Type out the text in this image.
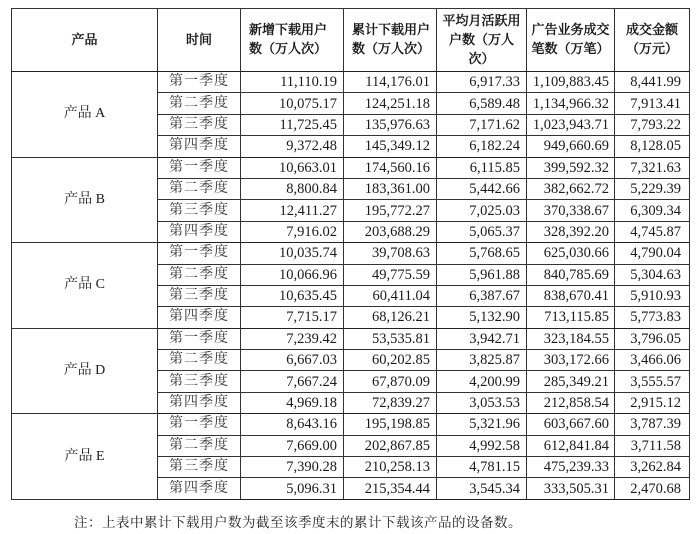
产品	时间	新增下载用户数（万人次）	累计下载用户数（万人次）	平均月活跃用户数（万人次）	广告业务成交笔数（万笔）	成交金额（万元）
产品 A	第一季度	11,110.19	114,176.01	6,917.33	1,109,883.45	8,441.99
	第二季度	10,075.17	124,251.18	6,589.48	1,134,966.32	7,913.41
	第三季度	11,725.45	135,976.63	7,171.62	1,023,943.71	7,793.22
	第四季度	9,372.48	145,349.12	6,182.24	949,660.69	8,128.05
产品 B	第一季度	10,663.01	174,560.16	6,115.85	399,592.32	7,321.63
	第二季度	8,800.84	183,361.00	5,442.66	382,662.72	5,229.39
	第三季度	12,411.27	195,772.27	7,025.03	370,338.67	6,309.34
	第四季度	7,916.02	203,688.29	5,065.37	328,392.20	4,745.87
产品 C	第一季度	10,035.74	39,708.63	5,768.65	625,030.66	4,790.04
	第二季度	10,066.96	49,775.59	5,961.88	840,785.69	5,304.63
	第三季度	10,635.45	60,411.04	6,387.67	838,670.41	5,910.93
	第四季度	7,715.17	68,126.21	5,132.90	713,115.85	5,773.83
产品 D	第一季度	7,239.42	53,535.81	3,942.71	323,184.55	3,796.05
	第二季度	6,667.03	60,202.85	3,825.87	303,172.66	3,466.06
	第三季度	7,667.24	67,870.09	4,200.99	285,349.21	3,555.57
	第四季度	4,969.18	72,839.27	3,053.53	212,858.54	2,915.12
产品 E	第一季度	8,643.16	195,198.85	5,321.96	603,667.60	3,787.39
	第二季度	7,669.00	202,867.85	4,992.58	612,841.84	3,711.58
	第三季度	7,390.28	210,258.13	4,781.15	475,239.33	3,262.84
	第四季度	5,096.31	215,354.44	3,545.34	333,505.31	2,470.68
注：上表中累计下载用户数为截至该季度末的累计下载该产品的设备数。
